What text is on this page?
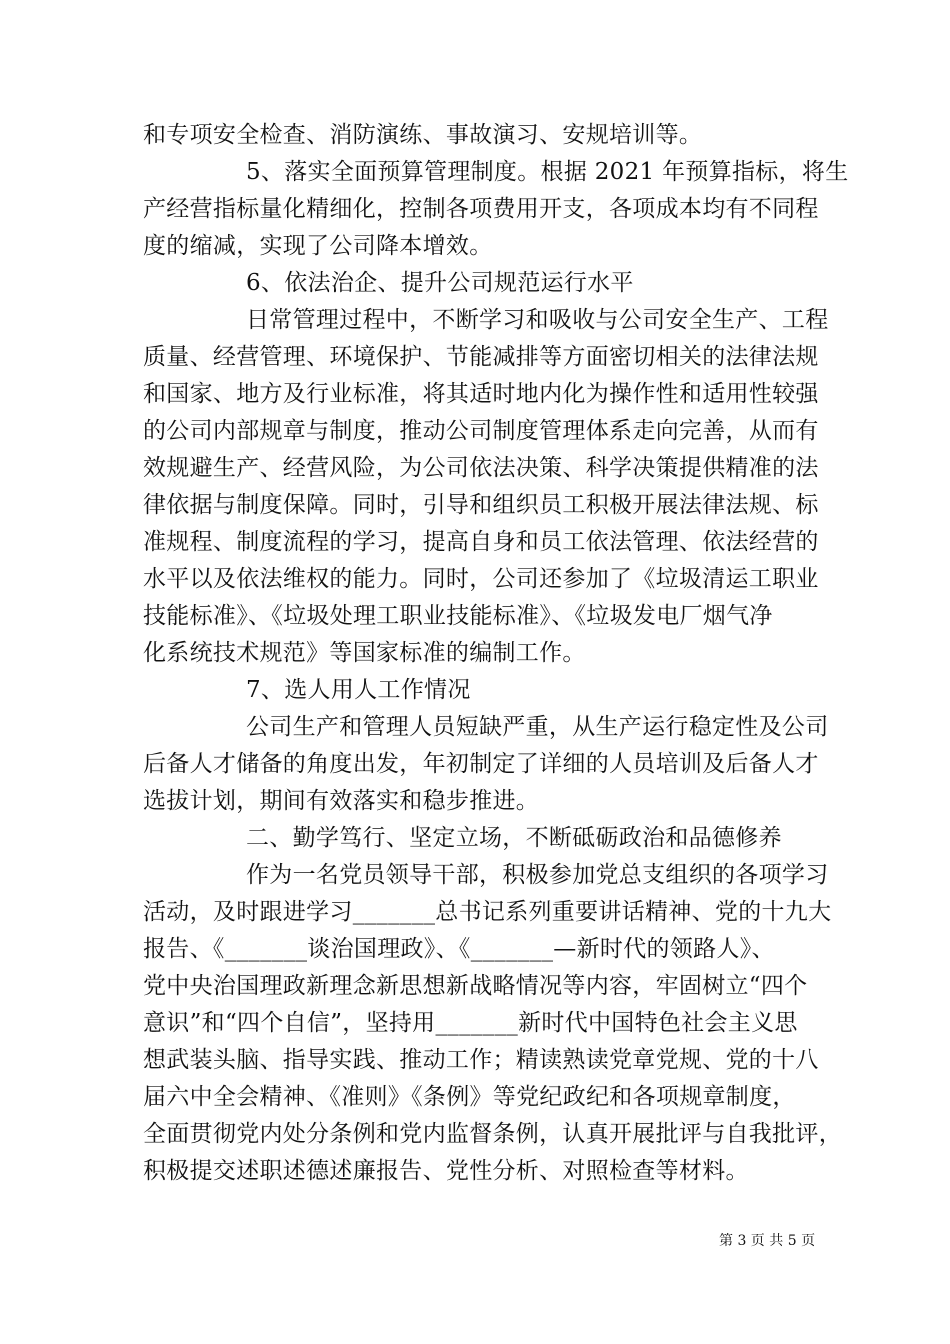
和专项安全检查、消防演练、事故演习、安规培训等。
5、落实全面预算管理制度。根据 2021 年预算指标，将生
产经营指标量化精细化，控制各项费用开支，各项成本均有不同程
度的缩减，实现了公司降本增效。
6、依法治企、提升公司规范运行水平
日常管理过程中，不断学习和吸收与公司安全生产、工程
质量、经营管理、环境保护、节能减排等方面密切相关的法律法规
和国家、地方及行业标准，将其适时地内化为操作性和适用性较强
的公司内部规章与制度，推动公司制度管理体系走向完善，从而有
效规避生产、经营风险，为公司依法决策、科学决策提供精准的法
律依据与制度保障。同时，引导和组织员工积极开展法律法规、标
准规程、制度流程的学习，提高自身和员工依法管理、依法经营的
水平以及依法维权的能力。同时，公司还参加了《垃圾清运工职业
技能标准》、《垃圾处理工职业技能标准》、《垃圾发电厂烟气净
化系统技术规范》等国家标准的编制工作。
7、选人用人工作情况
公司生产和管理人员短缺严重，从生产运行稳定性及公司
后备人才储备的角度出发，年初制定了详细的人员培训及后备人才
选拔计划，期间有效落实和稳步推进。
二、勤学笃行、坚定立场，不断砥砺政治和品德修养
作为一名党员领导干部，积极参加党总支组织的各项学习
活动，及时跟进学习_______总书记系列重要讲话精神、党的十九大
报告、《_______谈治国理政》、《_______—新时代的领路人》、
党中央治国理政新理念新思想新战略情况等内容，牢固树立“四个
意识”和“四个自信”，坚持用_______新时代中国特色社会主义思
想武装头脑、指导实践、推动工作；精读熟读党章党规、党的十八
届六中全会精神、《准则》《条例》等党纪政纪和各项规章制度，
全面贯彻党内处分条例和党内监督条例，认真开展批评与自我批评，
积极提交述职述德述廉报告、党性分析、对照检查等材料。
第 3 页 共 5 页
